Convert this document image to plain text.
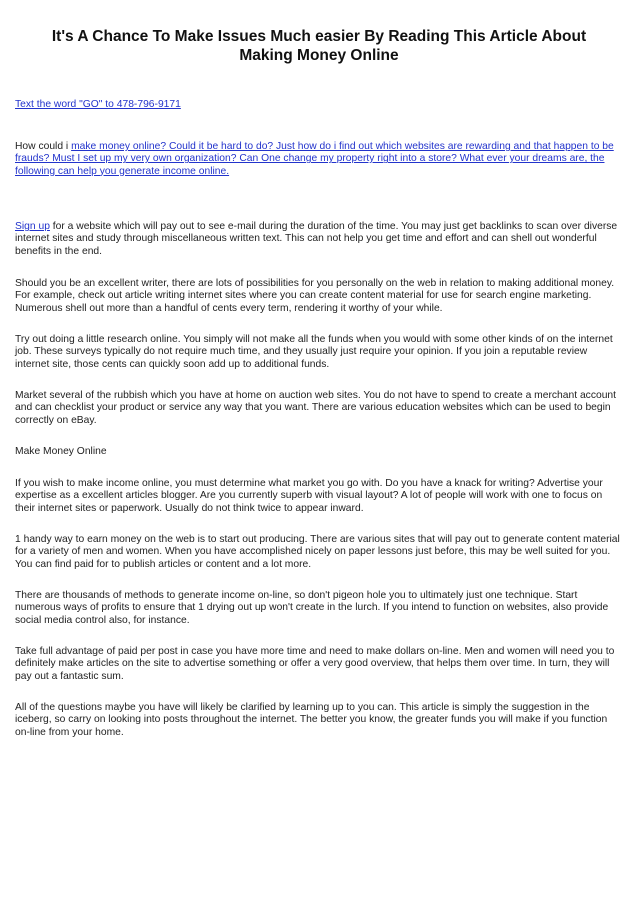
It's A Chance To Make Issues Much easier By Reading This Article About Making Money Online

Text the word "GO" to 478-796-9171

How could i make money online? Could it be hard to do? Just how do i find out which websites are rewarding and that happen to be frauds? Must I set up my very own organization? Can One change my property right into a store? What ever your dreams are, the following can help you generate income online.

Sign up for a website which will pay out to see e-mail during the duration of the time. You may just get backlinks to scan over diverse internet sites and study through miscellaneous written text. This can not help you get time and effort and can shell out wonderful benefits in the end.

Should you be an excellent writer, there are lots of possibilities for you personally on the web in relation to making additional money. For example, check out article writing internet sites where you can create content material for use for search engine marketing. Numerous shell out more than a handful of cents every term, rendering it worthy of your while.

Try out doing a little research online. You simply will not make all the funds when you would with some other kinds of on the internet job. These surveys typically do not require much time, and they usually just require your opinion. If you join a reputable review internet site, those cents can quickly soon add up to additional funds.

Market several of the rubbish which you have at home on auction web sites. You do not have to spend to create a merchant account and can checklist your product or service any way that you want. There are various education websites which can be used to begin correctly on eBay.

Make Money Online

If you wish to make income online, you must determine what market you go with. Do you have a knack for writing? Advertise your expertise as a excellent articles blogger. Are you currently superb with visual layout? A lot of people will work with one to focus on their internet sites or paperwork. Usually do not think twice to appear inward.

1 handy way to earn money on the web is to start out producing. There are various sites that will pay out to generate content material for a variety of men and women. When you have accomplished nicely on paper lessons just before, this may be well suited for you. You can find paid for to publish articles or content and a lot more.

There are thousands of methods to generate income on-line, so don't pigeon hole you to ultimately just one technique. Start numerous ways of profits to ensure that 1 drying out up won't create in the lurch. If you intend to function on websites, also provide social media control also, for instance.

Take full advantage of paid per post in case you have more time and need to make dollars on-line. Men and women will need you to definitely make articles on the site to advertise something or offer a very good overview, that helps them over time. In turn, they will pay out a fantastic sum.

All of the questions maybe you have will likely be clarified by learning up to you can. This article is simply the suggestion in the iceberg, so carry on looking into posts throughout the internet. The better you know, the greater funds you will make if you function on-line from your home.
